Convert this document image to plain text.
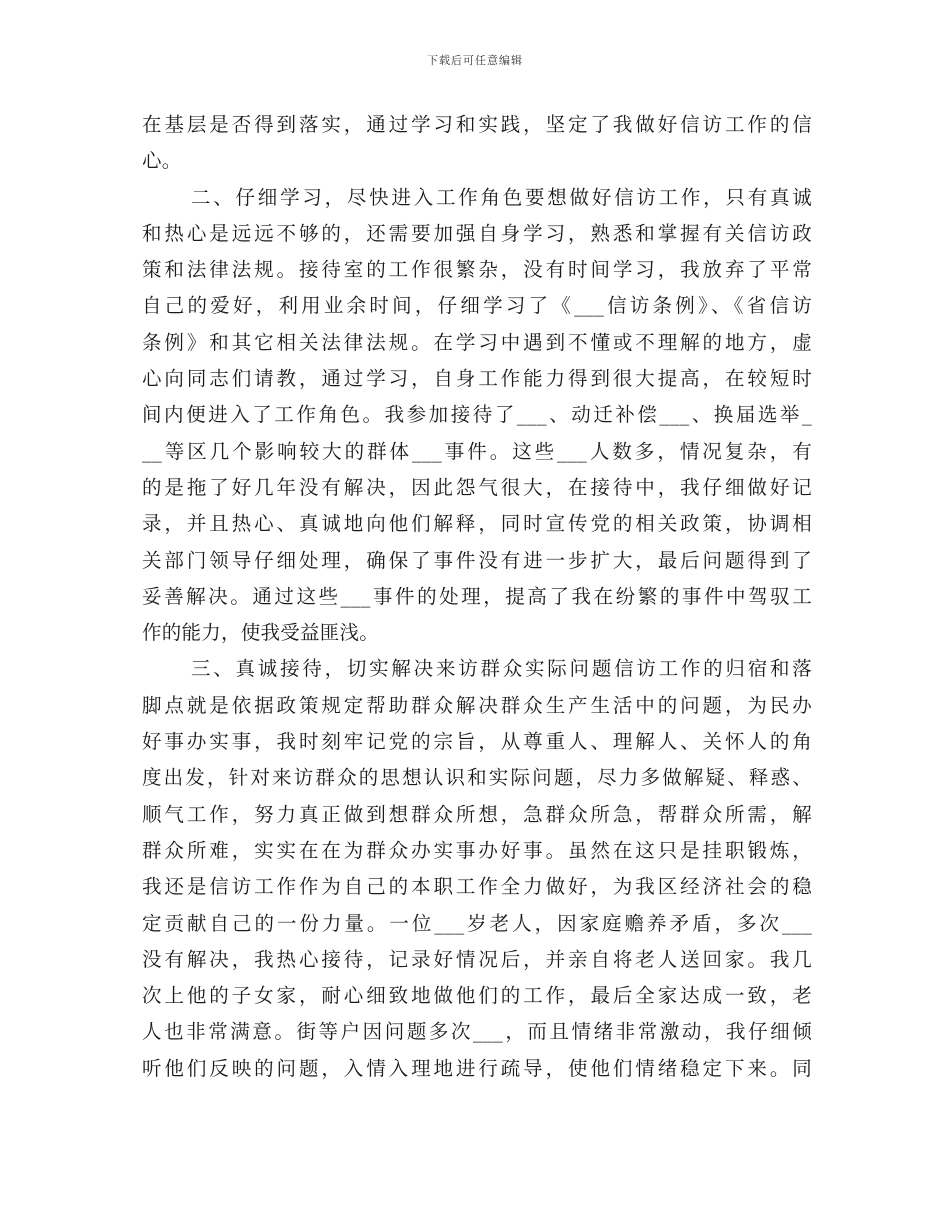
下载后可任意编辑
在基层是否得到落实，通过学习和实践，坚定了我做好信访工作的信
心。
二、仔细学习，尽快进入工作角色要想做好信访工作，只有真诚
和热心是远远不够的，还需要加强自身学习，熟悉和掌握有关信访政
策和法律法规。接待室的工作很繁杂，没有时间学习，我放弃了平常
自己的爱好，利用业余时间，仔细学习了《___信访条例》、《省信访
条例》和其它相关法律法规。在学习中遇到不懂或不理解的地方，虚
心向同志们请教，通过学习，自身工作能力得到很大提高，在较短时
间内便进入了工作角色。我参加接待了___、动迁补偿___、换届选举_
__等区几个影响较大的群体___事件。这些___人数多，情况复杂，有
的是拖了好几年没有解决，因此怨气很大，在接待中，我仔细做好记
录，并且热心、真诚地向他们解释，同时宣传党的相关政策，协调相
关部门领导仔细处理，确保了事件没有进一步扩大，最后问题得到了
妥善解决。通过这些___事件的处理，提高了我在纷繁的事件中驾驭工
作的能力，使我受益匪浅。
三、真诚接待，切实解决来访群众实际问题信访工作的归宿和落
脚点就是依据政策规定帮助群众解决群众生产生活中的问题，为民办
好事办实事，我时刻牢记党的宗旨，从尊重人、理解人、关怀人的角
度出发，针对来访群众的思想认识和实际问题，尽力多做解疑、释惑、
顺气工作，努力真正做到想群众所想，急群众所急，帮群众所需，解
群众所难，实实在在为群众办实事办好事。虽然在这只是挂职锻炼，
我还是信访工作作为自己的本职工作全力做好，为我区经济社会的稳
定贡献自己的一份力量。一位___岁老人，因家庭赡养矛盾，多次___
没有解决，我热心接待，记录好情况后，并亲自将老人送回家。我几
次上他的子女家，耐心细致地做他们的工作，最后全家达成一致，老
人也非常满意。街等户因问题多次___，而且情绪非常激动，我仔细倾
听他们反映的问题，入情入理地进行疏导，使他们情绪稳定下来。同
